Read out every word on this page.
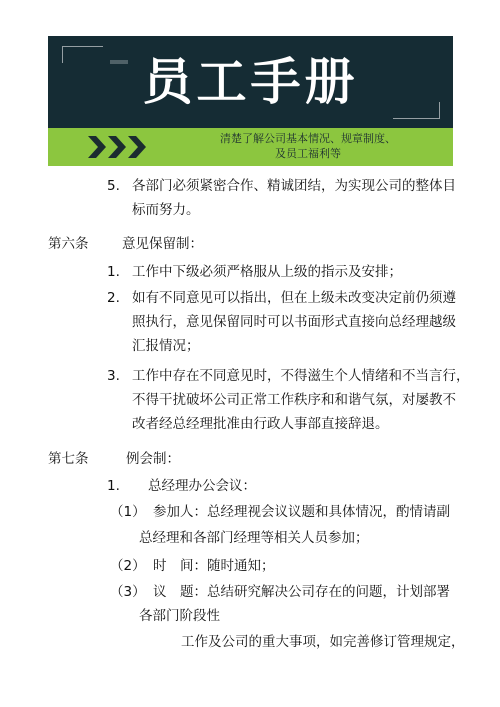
员工手册
清楚了解公司基本情况、规章制度、
及员工福利等
5. 各部门必须紧密合作、精诚团结，为实现公司的整体目
标而努力。
第六条 意见保留制：
1. 工作中下级必须严格服从上级的指示及安排；
2. 如有不同意见可以指出，但在上级未改变决定前仍须遵
照执行，意见保留同时可以书面形式直接向总经理越级
汇报情况；
3. 工作中存在不同意见时，不得滋生个人情绪和不当言行，
不得干扰破坏公司正常工作秩序和和谐气氛，对屡教不
改者经总经理批准由行政人事部直接辞退。
第七条	例会制：
1. 总经理办公会议：
（1） 参加人：总经理视会议议题和具体情况，酌情请副
总经理和各部门经理等相关人员参加；
（2） 时　间：随时通知；
（3） 议　题：总结研究解决公司存在的问题，计划部署
各部门阶段性
工作及公司的重大事项，如完善修订管理规定，
